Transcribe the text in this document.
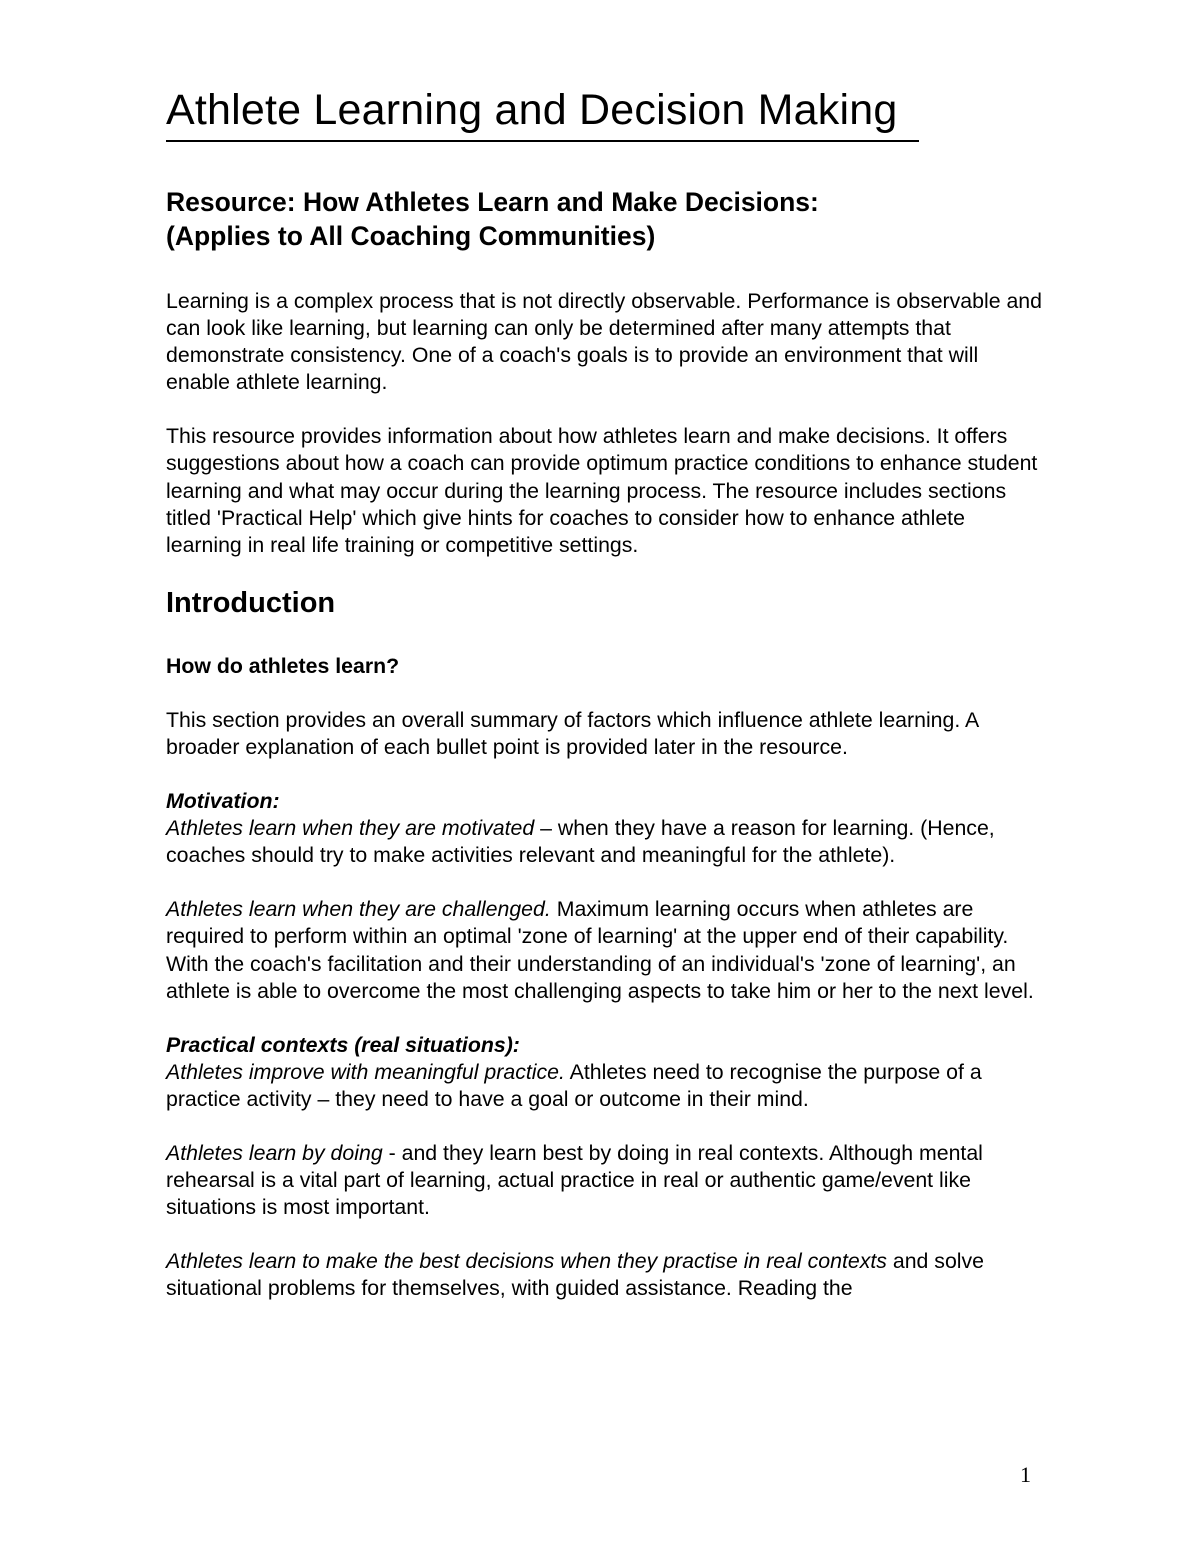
Athlete Learning and Decision Making
Resource: How Athletes Learn and Make Decisions:
(Applies to All Coaching Communities)

Learning is a complex process that is not directly observable. Performance is observable and can look like learning, but learning can only be determined after many attempts that demonstrate consistency. One of a coach's goals is to provide an environment that will enable athlete learning.

This resource provides information about how athletes learn and make decisions. It offers suggestions about how a coach can provide optimum practice conditions to enhance student learning and what may occur during the learning process. The resource includes sections titled 'Practical Help' which give hints for coaches to consider how to enhance athlete learning in real life training or competitive settings.

Introduction
How do athletes learn?

This section provides an overall summary of factors which influence athlete learning. A broader explanation of each bullet point is provided later in the resource.

Motivation:

Athletes learn when they are motivated – when they have a reason for learning. (Hence, coaches should try to make activities relevant and meaningful for the athlete).

Athletes learn when they are challenged. Maximum learning occurs when athletes are required to perform within an optimal 'zone of learning' at the upper end of their capability. With the coach's facilitation and their understanding of an individual's 'zone of learning', an athlete is able to overcome the most challenging aspects to take him or her to the next level.

Practical contexts (real situations):

Athletes improve with meaningful practice. Athletes need to recognise the purpose of a practice activity – they need to have a goal or outcome in their mind.

Athletes learn by doing - and they learn best by doing in real contexts. Although mental rehearsal is a vital part of learning, actual practice in real or authentic game/event like situations is most important.

Athletes learn to make the best decisions when they practise in real contexts and solve situational problems for themselves, with guided assistance. Reading the

1
